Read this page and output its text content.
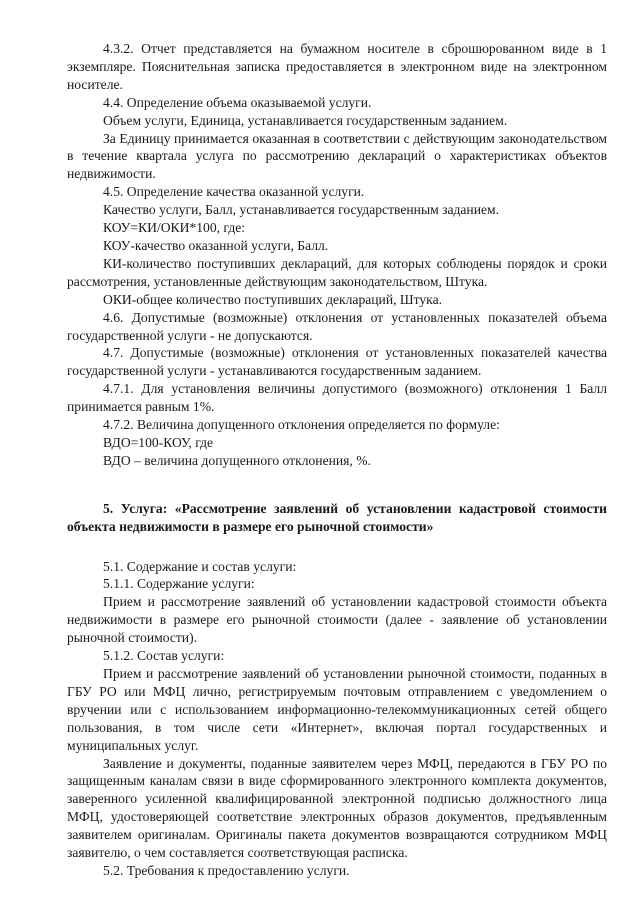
4.3.2. Отчет представляется на бумажном носителе в сброшюрованном виде в 1 экземпляре. Пояснительная записка предоставляется в электронном виде на электронном носителе.

4.4. Определение объема оказываемой услуги.

Объем услуги, Единица, устанавливается государственным заданием.

За Единицу принимается оказанная в соответствии с действующим законодательством в течение квартала услуга по рассмотрению деклараций о характеристиках объектов недвижимости.

4.5. Определение качества оказанной услуги.

Качество услуги, Балл, устанавливается государственным заданием.

КОУ=КИ/ОКИ*100, где:

КОУ-качество оказанной услуги, Балл.

КИ-количество поступивших деклараций, для которых соблюдены порядок и сроки рассмотрения, установленные действующим законодательством, Штука.

ОКИ-общее количество поступивших деклараций, Штука.

4.6. Допустимые (возможные) отклонения от установленных показателей объема государственной услуги - не допускаются.

4.7. Допустимые (возможные) отклонения от установленных показателей качества государственной услуги - устанавливаются государственным заданием.

4.7.1. Для установления величины допустимого (возможного) отклонения 1 Балл принимается равным 1%.

4.7.2. Величина допущенного отклонения определяется по формуле:

ВДО=100-КОУ, где

ВДО – величина допущенного отклонения, %.

5. Услуга: «Рассмотрение заявлений об установлении кадастровой стоимости объекта недвижимости в размере его рыночной стоимости»

5.1. Содержание и состав услуги:

5.1.1. Содержание услуги:

Прием и рассмотрение заявлений об установлении кадастровой стоимости объекта недвижимости в размере его рыночной стоимости (далее - заявление об установлении рыночной стоимости).

5.1.2. Состав услуги:

Прием и рассмотрение заявлений об установлении рыночной стоимости, поданных в ГБУ РО или МФЦ лично, регистрируемым почтовым отправлением с уведомлением о вручении или с использованием информационно-телекоммуникационных сетей общего пользования, в том числе сети «Интернет», включая портал государственных и муниципальных услуг.

Заявление и документы, поданные заявителем через МФЦ, передаются в ГБУ РО по защищенным каналам связи в виде сформированного электронного комплекта документов, заверенного усиленной квалифицированной электронной подписью должностного лица МФЦ, удостоверяющей соответствие электронных образов документов, предъявленным заявителем оригиналам. Оригиналы пакета документов возвращаются сотрудником МФЦ заявителю, о чем составляется соответствующая расписка.

5.2. Требования к предоставлению услуги.
